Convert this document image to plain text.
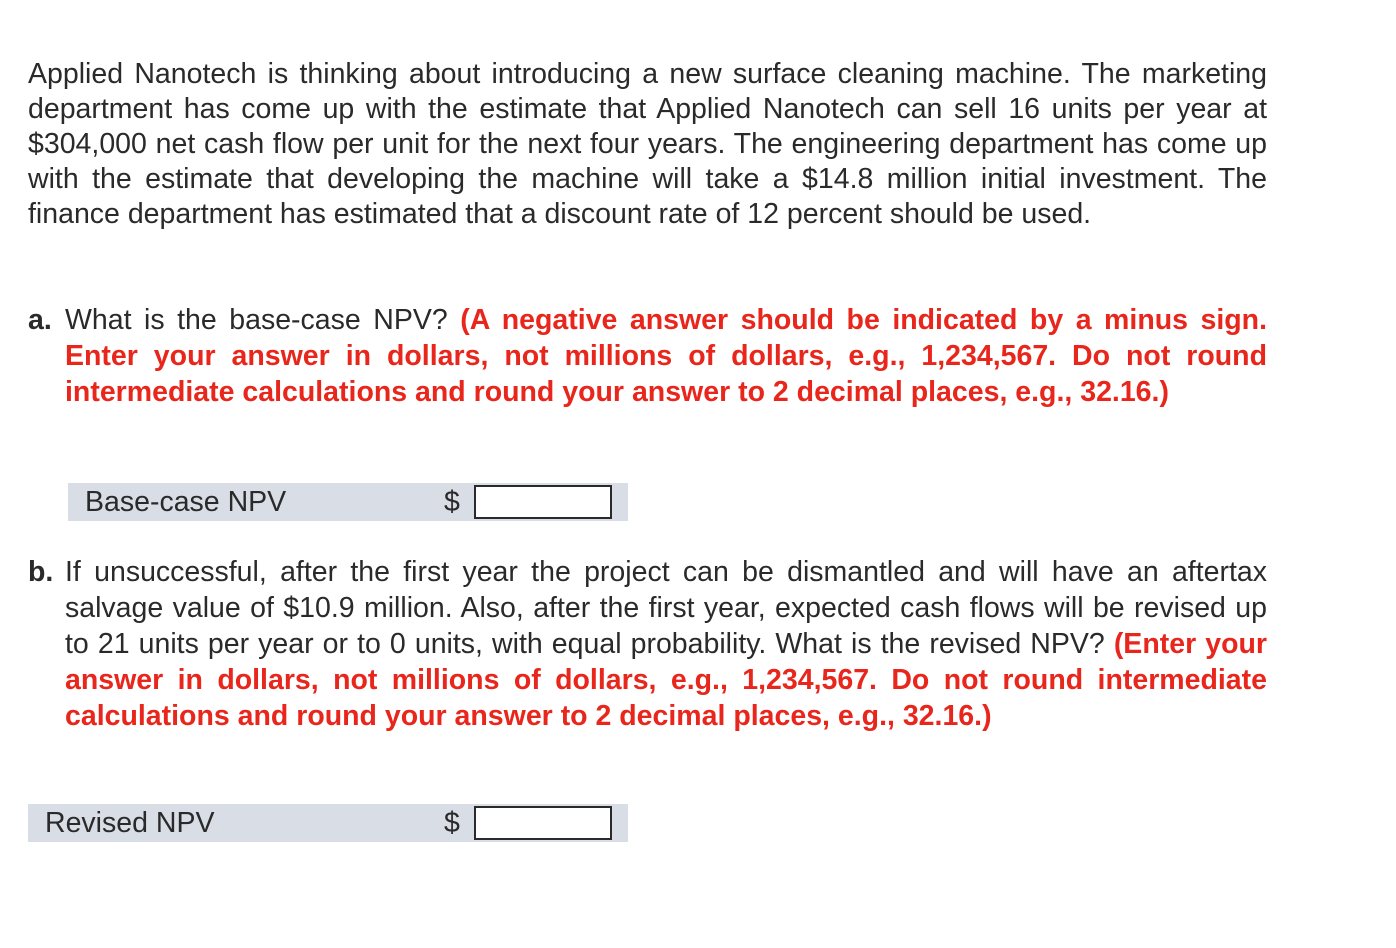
Applied Nanotech is thinking about introducing a new surface cleaning machine. The marketing department has come up with the estimate that Applied Nanotech can sell 16 units per year at $304,000 net cash flow per unit for the next four years. The engineering department has come up with the estimate that developing the machine will take a $14.8 million initial investment. The finance department has estimated that a discount rate of 12 percent should be used.

a. What is the base-case NPV? (A negative answer should be indicated by a minus sign. Enter your answer in dollars, not millions of dollars, e.g., 1,234,567. Do not round intermediate calculations and round your answer to 2 decimal places, e.g., 32.16.)
Base-case NPV	$
b. If unsuccessful, after the first year the project can be dismantled and will have an aftertax salvage value of $10.9 million. Also, after the first year, expected cash flows will be revised up to 21 units per year or to 0 units, with equal probability. What is the revised NPV? (Enter your answer in dollars, not millions of dollars, e.g., 1,234,567. Do not round intermediate calculations and round your answer to 2 decimal places, e.g., 32.16.)
Revised NPV	$
